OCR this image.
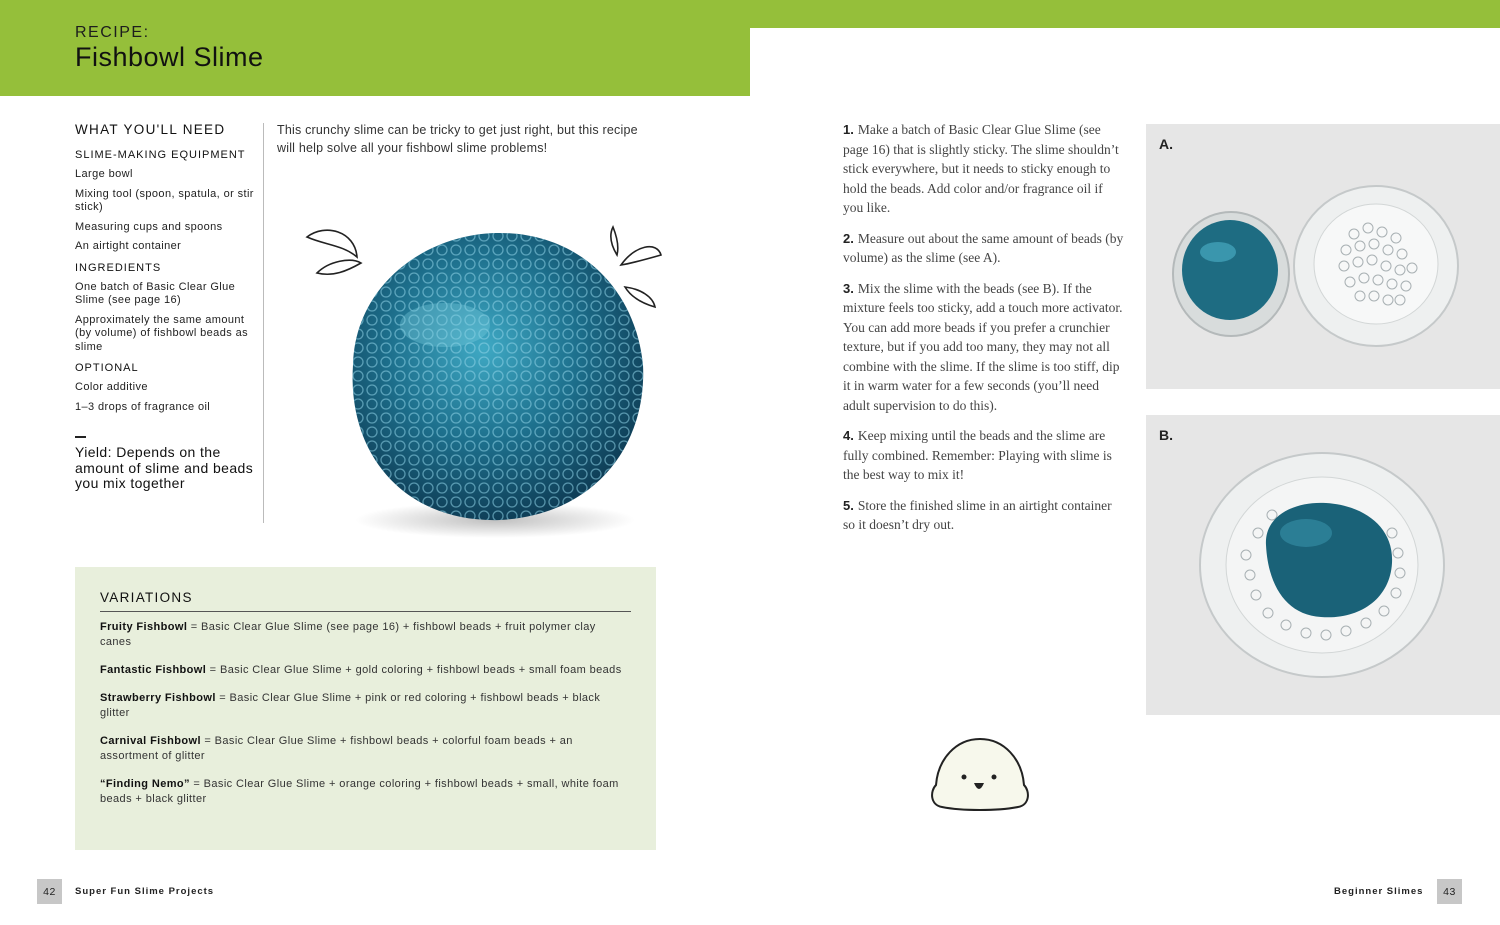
RECIPE:
Fishbowl Slime
WHAT YOU'LL NEED
SLIME-MAKING EQUIPMENT
Large bowl
Mixing tool (spoon, spatula, or stir stick)
Measuring cups and spoons
An airtight container
INGREDIENTS
One batch of Basic Clear Glue Slime (see page 16)
Approximately the same amount (by volume) of fishbowl beads as slime
OPTIONAL
Color additive
1–3 drops of fragrance oil
Yield: Depends on the amount of slime and beads you mix together
This crunchy slime can be tricky to get just right, but this recipe will help solve all your fishbowl slime problems!
VARIATIONS
Fruity Fishbowl = Basic Clear Glue Slime (see page 16) + fishbowl beads + fruit polymer clay canes
Fantastic Fishbowl = Basic Clear Glue Slime + gold coloring + fishbowl beads + small foam beads
Strawberry Fishbowl = Basic Clear Glue Slime + pink or red coloring + fishbowl beads + black glitter
Carnival Fishbowl = Basic Clear Glue Slime + fishbowl beads + colorful foam beads + an assortment of glitter
“Finding Nemo” = Basic Clear Glue Slime + orange coloring + fishbowl beads + small, white foam beads + black glitter

1. Make a batch of Basic Clear Glue Slime (see page 16) that is slightly sticky. The slime shouldn’t stick everywhere, but it needs to sticky enough to hold the beads. Add color and/or fragrance oil if you like.

2. Measure out about the same amount of beads (by volume) as the slime (see A).

3. Mix the slime with the beads (see B). If the mixture feels too sticky, add a touch more activator. You can add more beads if you prefer a crunchier texture, but if you add too many, they may not all combine with the slime. If the slime is too stiff, dip it in warm water for a few seconds (you’ll need adult supervision to do this).

4. Keep mixing until the beads and the slime are fully combined. Remember: Playing with slime is the best way to mix it!

5. Store the finished slime in an airtight container so it doesn’t dry out.

A.
B.
42	Super Fun Slime Projects	Beginner Slimes	43
